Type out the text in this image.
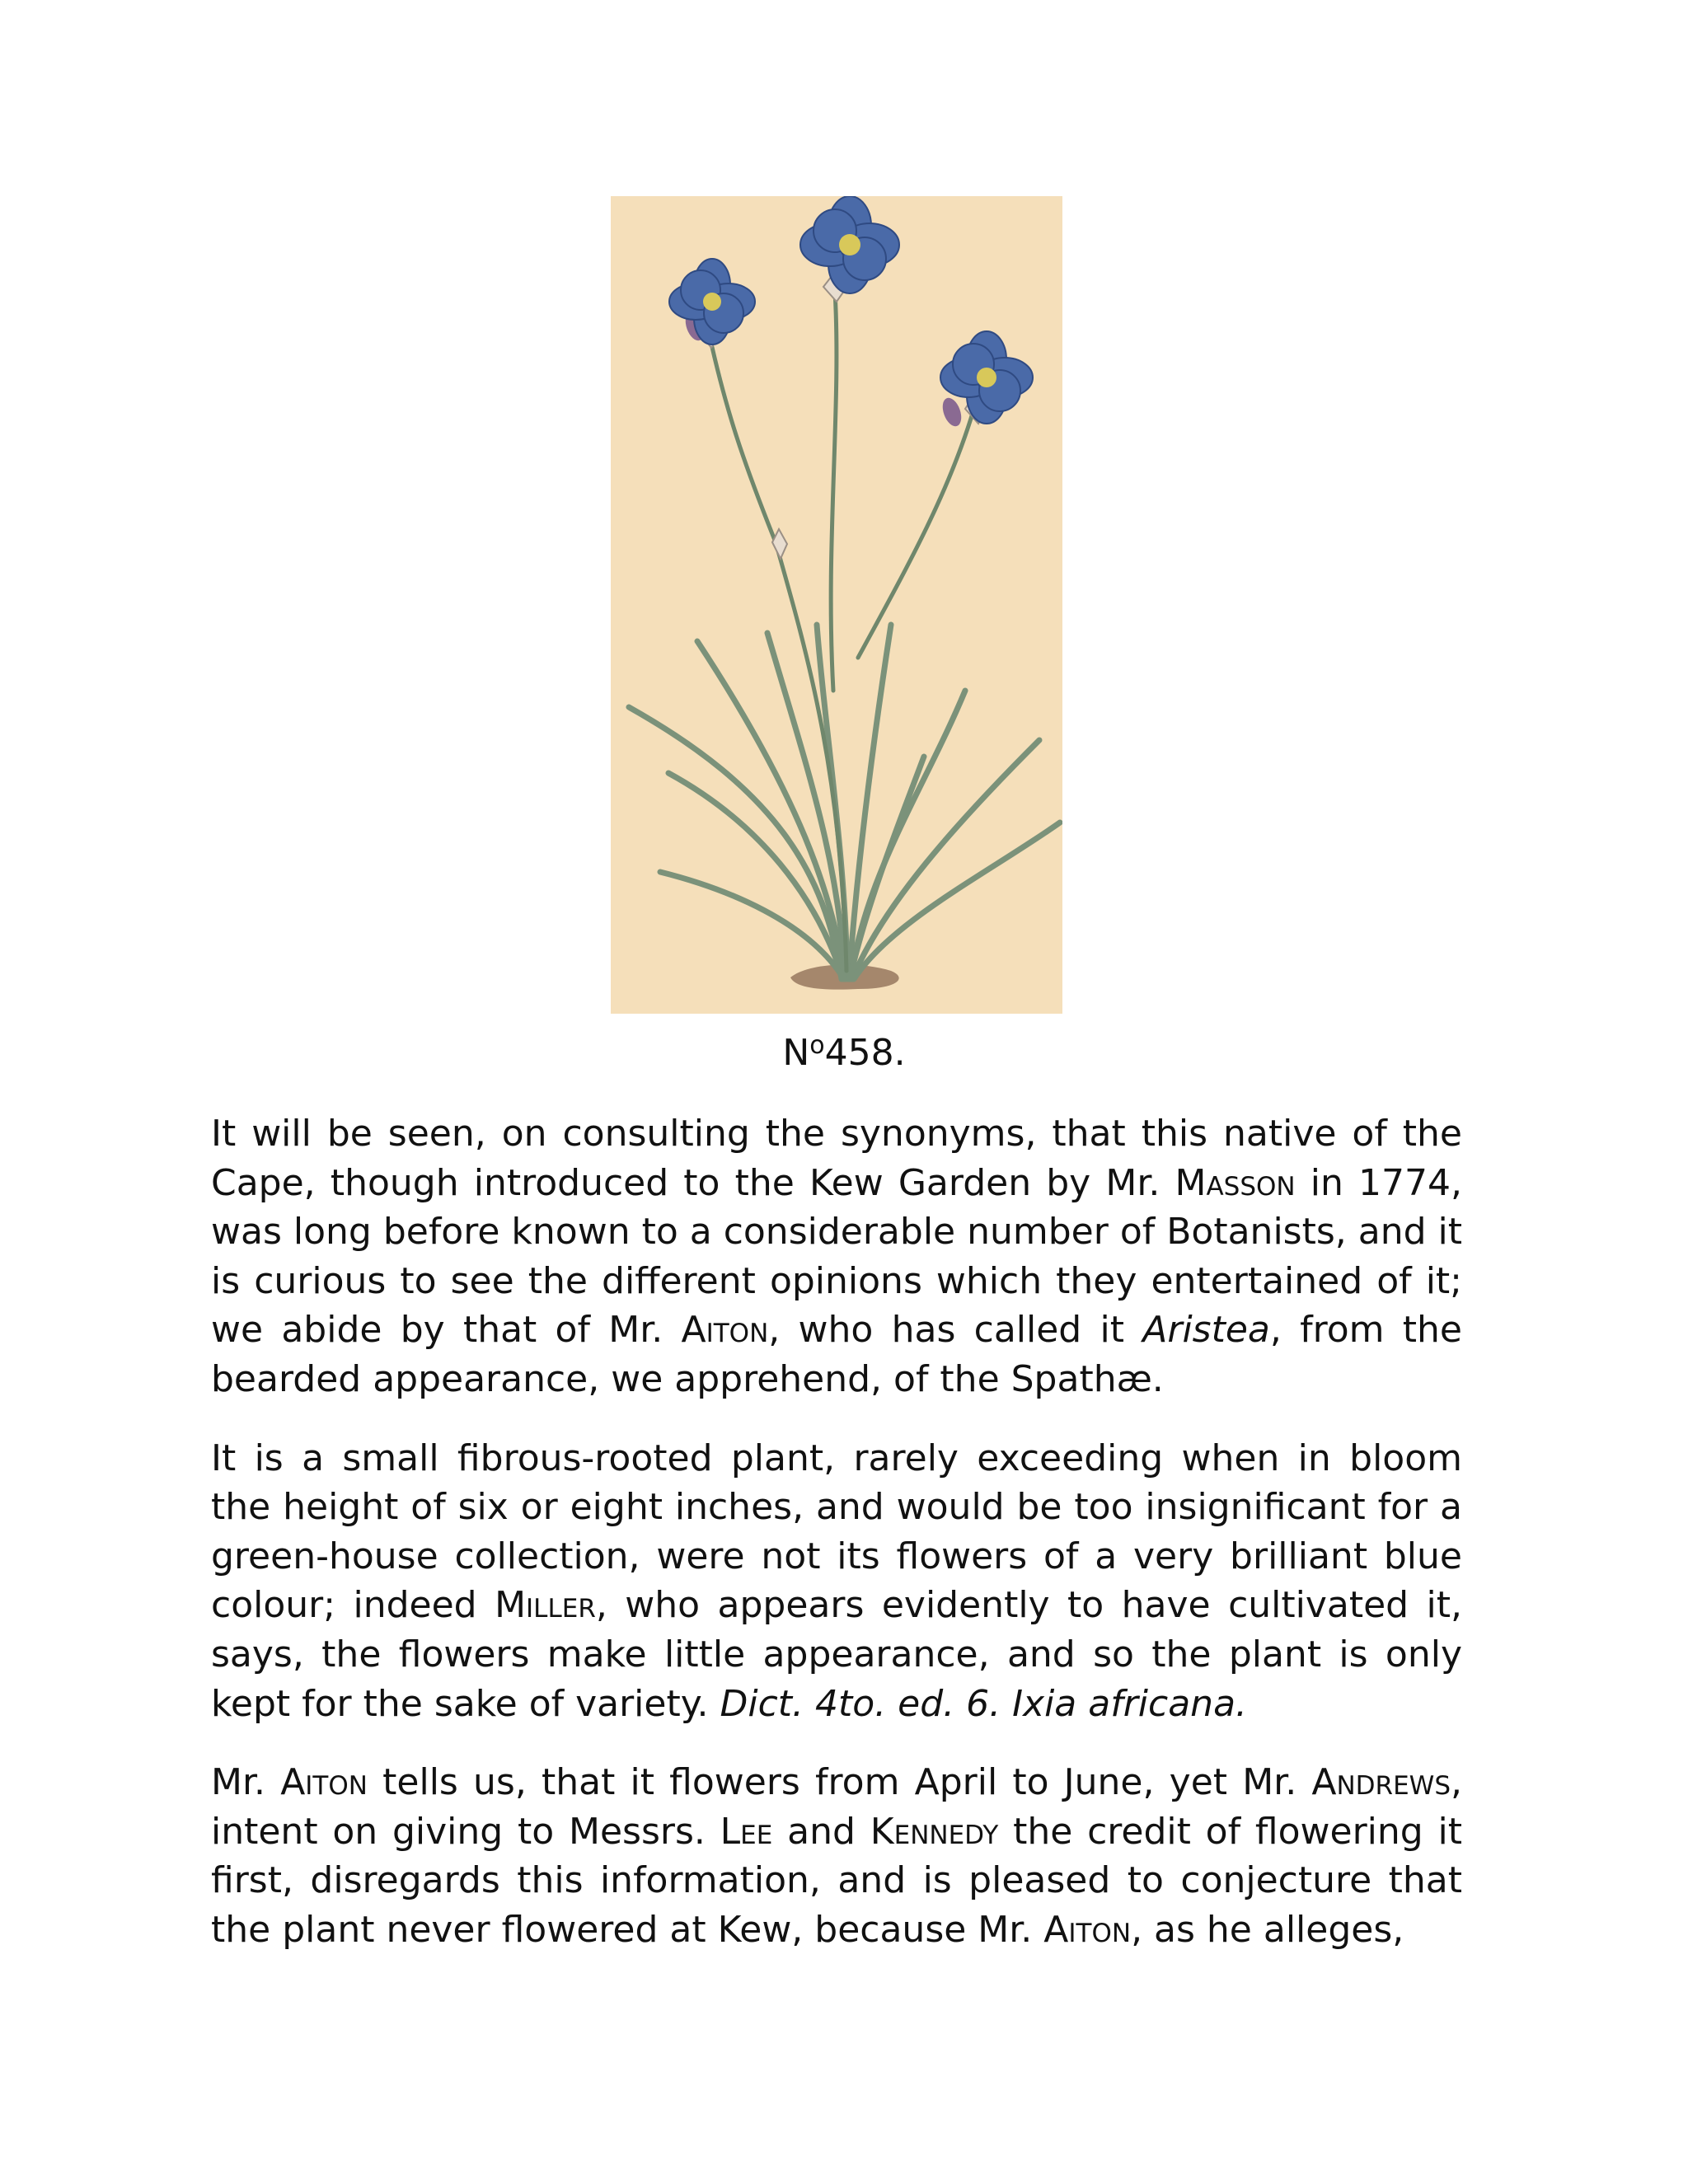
$N^o458$.

It will be seen, on consulting the synonyms, that this native of the Cape, though introduced to the Kew Garden by Mr. Masson in 1774, was long before known to a considerable number of Botanists, and it is curious to see the different opinions which they entertained of it; we abide by that of Mr. Aiton, who has called it Aristea, from the bearded appearance, we apprehend, of the Spathæ.

It is a small fibrous-rooted plant, rarely exceeding when in bloom the height of six or eight inches, and would be too insignificant for a green-house collection, were not its flowers of a very brilliant blue colour; indeed Miller, who appears evidently to have cultivated it, says, the flowers make little appearance, and so the plant is only kept for the sake of variety. Dict. 4to. ed. 6. Ixia africana.

Mr. Aiton tells us, that it flowers from April to June, yet Mr. Andrews, intent on giving to Messrs. Lee and Kennedy the credit of flowering it first, disregards this information, and is pleased to conjecture that the plant never flowered at Kew, because Mr. Aiton, as he alleges,
